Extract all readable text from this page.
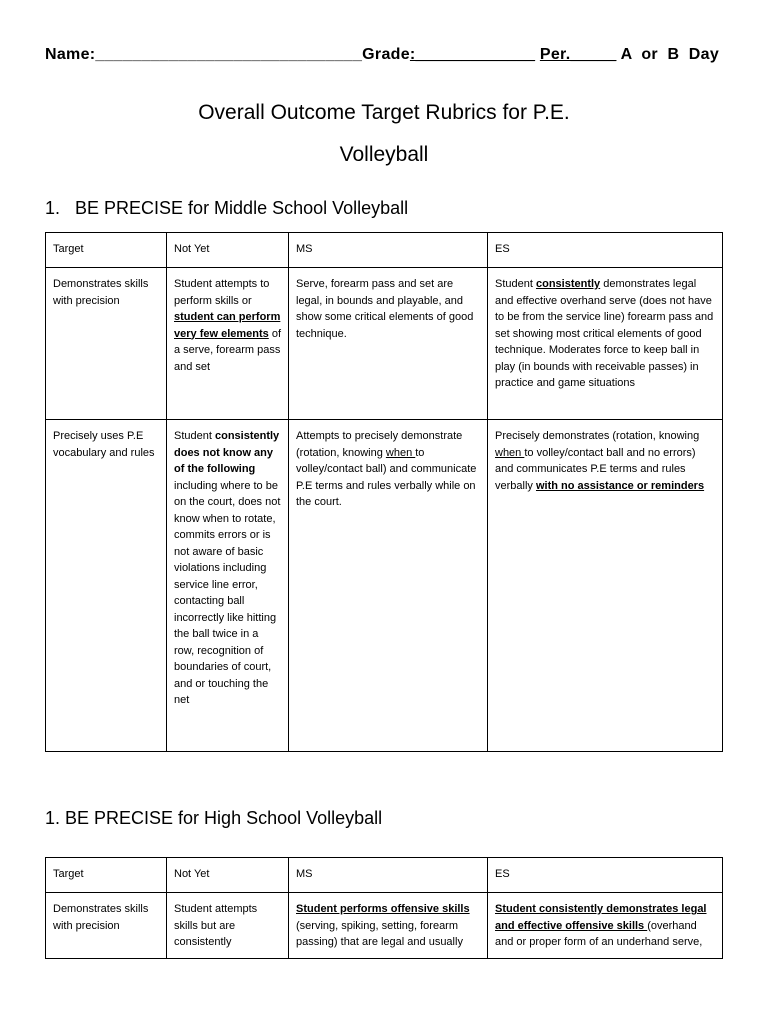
Name:_____________________________Grade:_____________ Per._____ A  or  B  Day
Overall Outcome Target Rubrics for P.E.
Volleyball
1.   BE PRECISE for Middle School Volleyball
Target	Not Yet	MS	ES
Demonstrates skills with precision	Student attempts to perform skills or student can perform very few elements of a serve, forearm pass and set	Serve, forearm pass and set are legal, in bounds and playable, and show some critical elements of good technique.	Student consistently demonstrates legal and effective overhand serve (does not have to be from the service line) forearm pass and set showing most critical elements of good technique. Moderates force to keep ball in play (in bounds with receivable passes) in practice and game situations
Precisely uses P.E vocabulary and rules	Student consistently does not know any of the following including where to be on the court, does not know when to rotate, commits errors or is not aware of basic violations including service line error, contacting ball incorrectly like hitting the ball twice in a row, recognition of boundaries of court, and or touching the net	Attempts to precisely demonstrate (rotation, knowing when to volley/contact ball) and communicate P.E terms and rules verbally while on the court.	Precisely demonstrates (rotation, knowing when to volley/contact ball and no errors) and communicates P.E terms and rules verbally with no assistance or reminders
1. BE PRECISE for High School Volleyball
Target	Not Yet	MS	ES
Demonstrates skills with precision	Student attempts skills but are consistently	Student performs offensive skills (serving, spiking, setting, forearm passing) that are legal and usually	Student consistently demonstrates legal and effective offensive skills (overhand and or proper form of an underhand serve,
